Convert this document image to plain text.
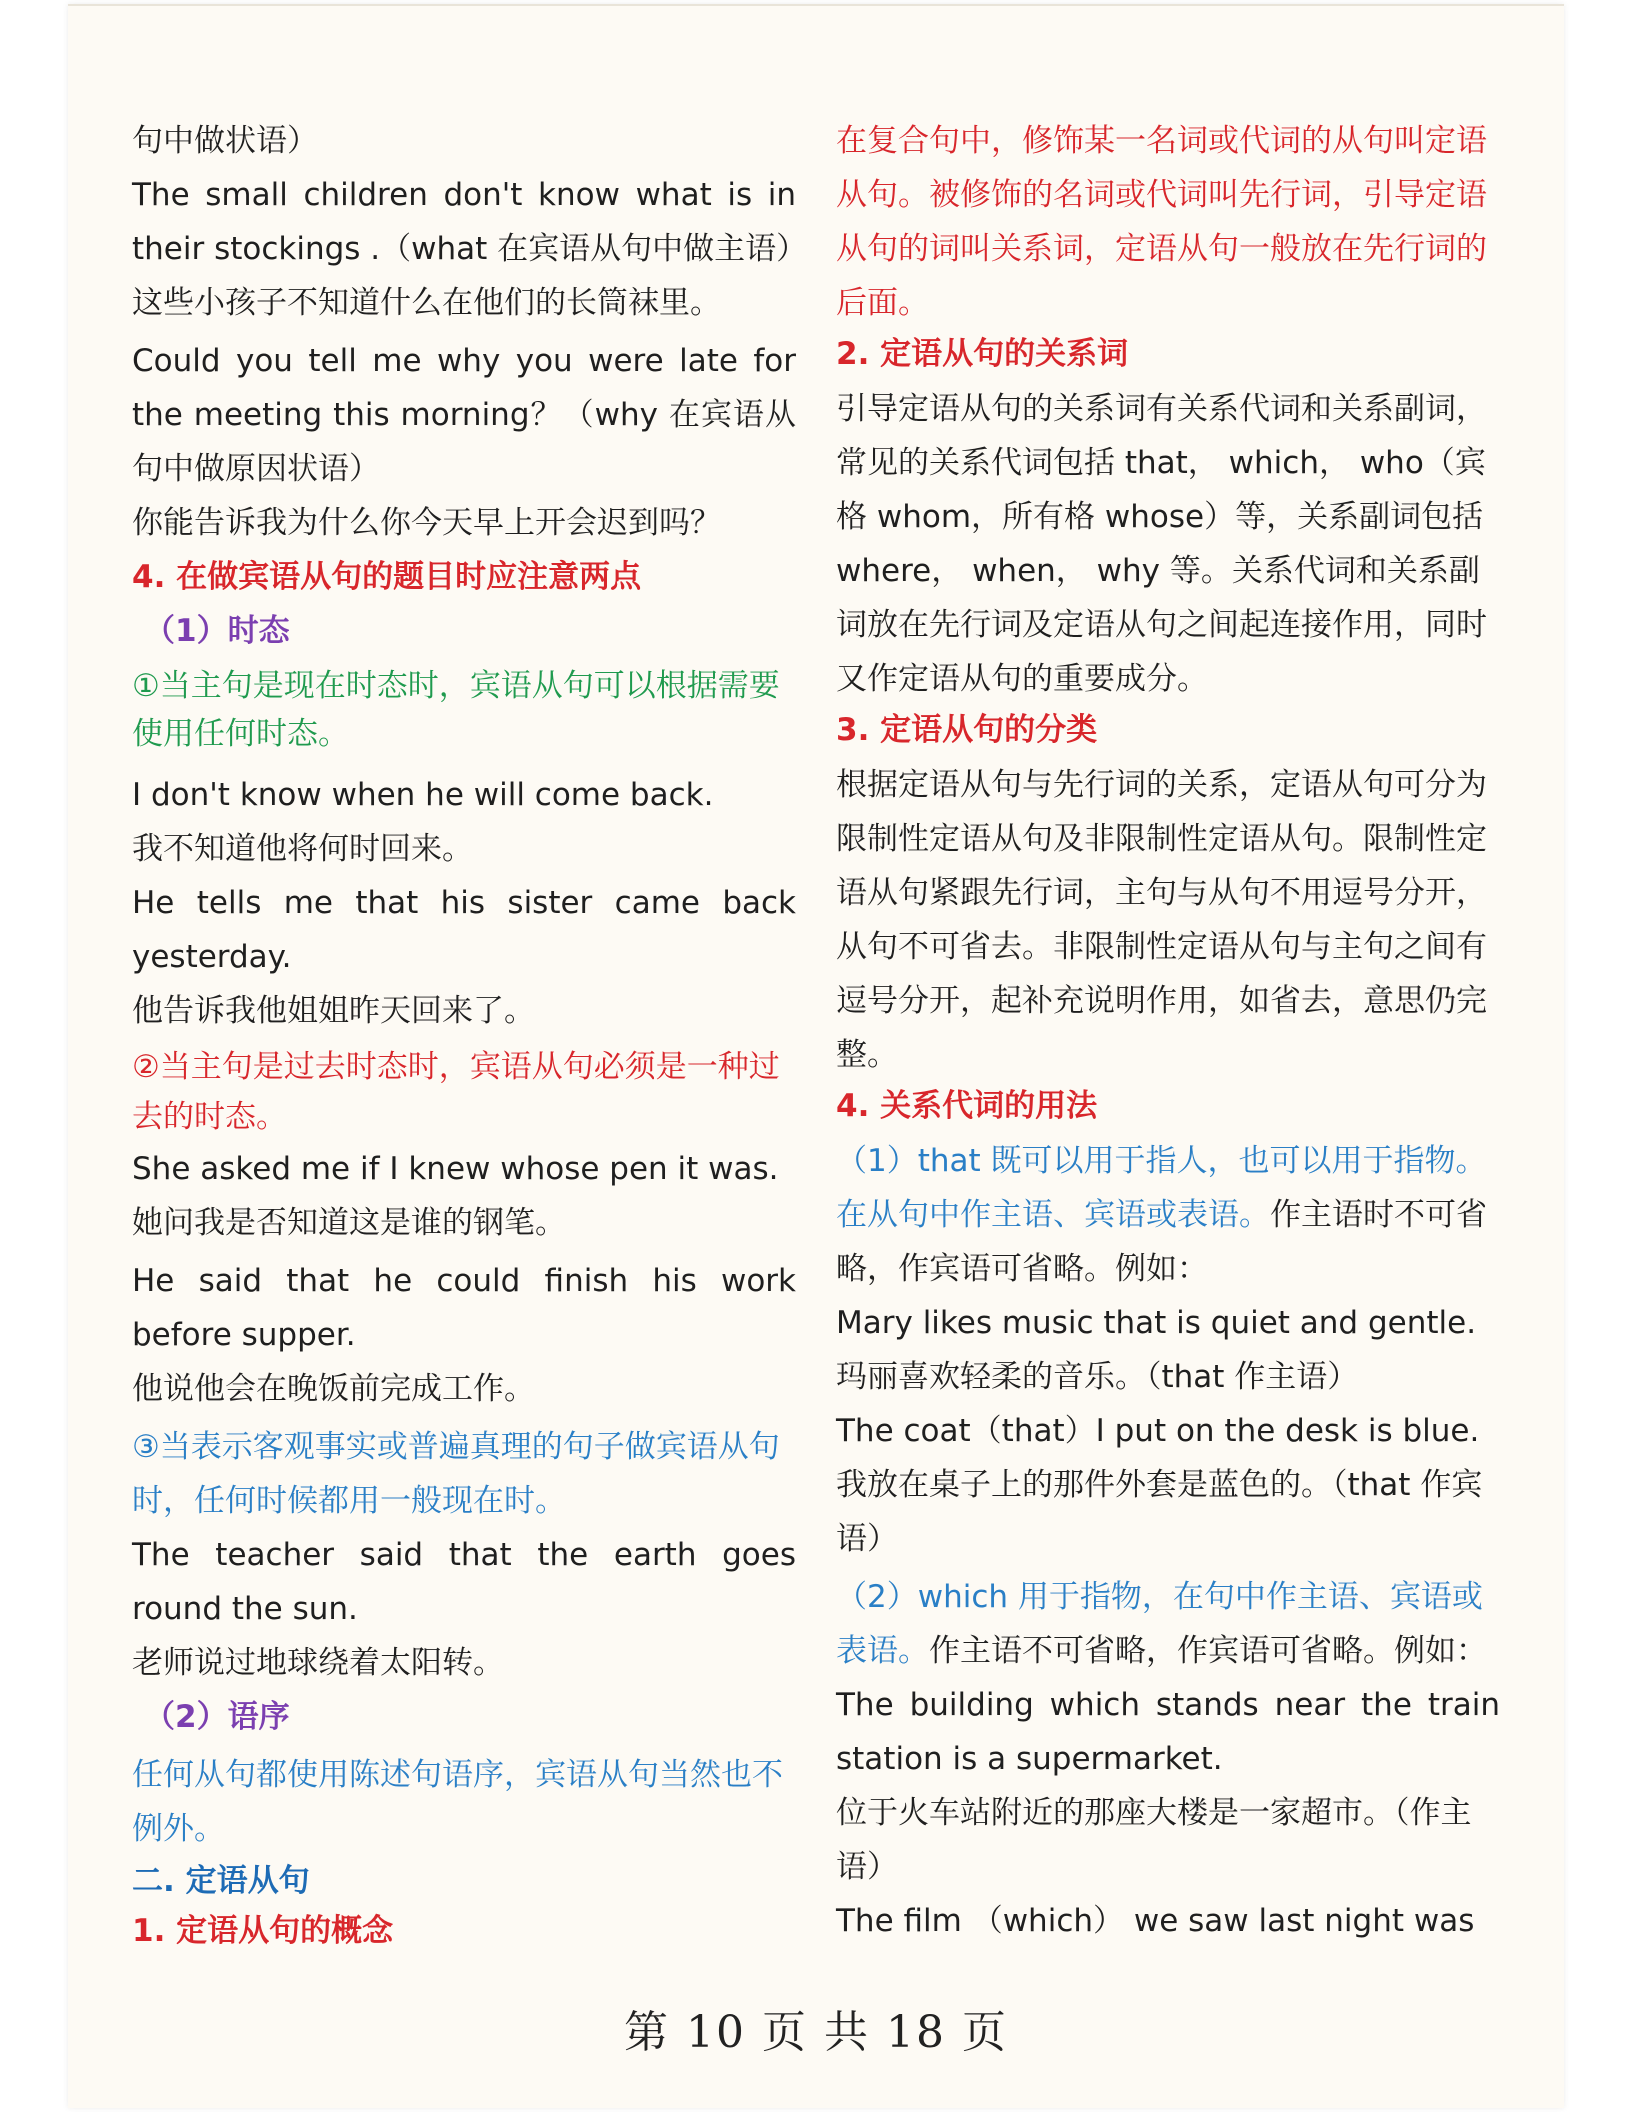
句中做状语）

The small children don't know what is in their stockings .（what 在宾语从句中做主语）

这些小孩子不知道什么在他们的长筒袜里。

Could you tell me why you were late for the meeting this morning？（why 在宾语从句中做原因状语）

你能告诉我为什么你今天早上开会迟到吗？

4. 在做宾语从句的题目时应注意两点

（1）时态

①当主句是现在时态时，宾语从句可以根据需要使用任何时态。

I don't know when he will come back.

我不知道他将何时回来。

He tells me that his sister came back yesterday.

他告诉我他姐姐昨天回来了。

②当主句是过去时态时，宾语从句必须是一种过去的时态。

She asked me if I knew whose pen it was.

她问我是否知道这是谁的钢笔。

He said that he could finish his work before supper.

他说他会在晚饭前完成工作。

③当表示客观事实或普遍真理的句子做宾语从句时，任何时候都用一般现在时。

The teacher said that the earth goes round the sun.

老师说过地球绕着太阳转。

（2）语序

任何从句都使用陈述句语序，宾语从句当然也不例外。

二. 定语从句

1. 定语从句的概念

在复合句中，修饰某一名词或代词的从句叫定语从句。被修饰的名词或代词叫先行词，引导定语从句的词叫关系词，定语从句一般放在先行词的后面。

2. 定语从句的关系词

引导定语从句的关系词有关系代词和关系副词，常见的关系代词包括 that， which， who（宾格 whom，所有格 whose）等，关系副词包括 where， when， why 等。关系代词和关系副词放在先行词及定语从句之间起连接作用，同时又作定语从句的重要成分。

3. 定语从句的分类

根据定语从句与先行词的关系，定语从句可分为限制性定语从句及非限制性定语从句。限制性定语从句紧跟先行词，主句与从句不用逗号分开，从句不可省去。非限制性定语从句与主句之间有逗号分开，起补充说明作用，如省去，意思仍完整。

4. 关系代词的用法

（1）that 既可以用于指人，也可以用于指物。在从句中作主语、宾语或表语。作主语时不可省略，作宾语可省略。例如：

Mary likes music that is quiet and gentle.

玛丽喜欢轻柔的音乐。（that 作主语）

The coat（that）I put on the desk is blue.

我放在桌子上的那件外套是蓝色的。（that 作宾语）

（2）which 用于指物，在句中作主语、宾语或表语。作主语不可省略，作宾语可省略。例如：

The building which stands near the train station is a supermarket.

位于火车站附近的那座大楼是一家超市。（作主语）

The film （which） we saw last night was

第 10 页 共 18 页
